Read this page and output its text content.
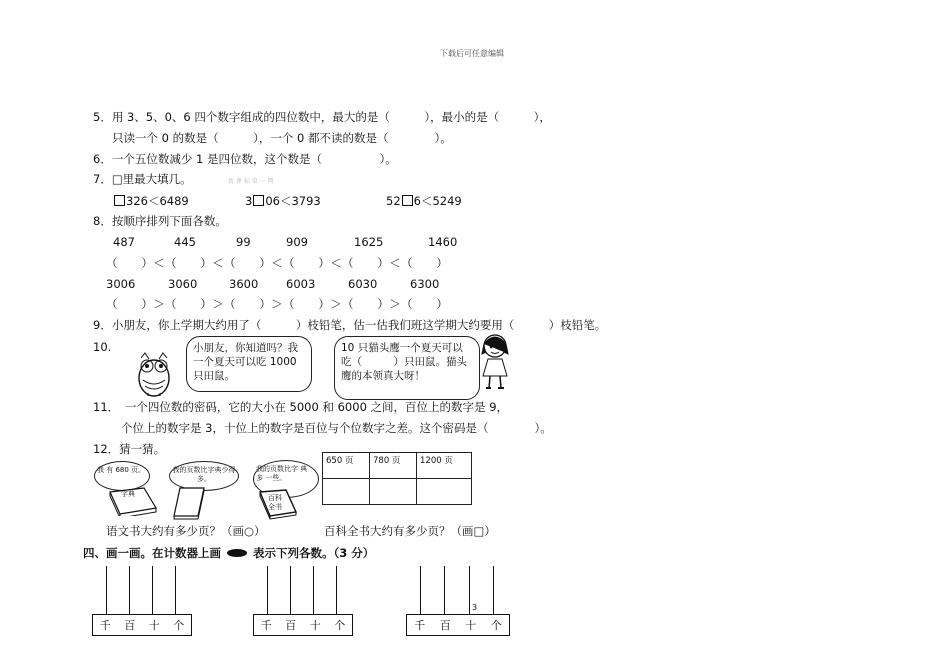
下载后可任意编辑
5．用 3、5、0、6 四个数字组成的四位数中，最大的是（　　　），最小的是（　　　），
只读一个 0 的数是（　　　），一个 0 都不读的数是（　　　　）。
6．一个五位数减少 1 是四位数，这个数是（　　　　　）。
7．□里最大填几。	新 课 标 第 一 网
326＜6489	3 06＜3793	52 6＜5249
8．按顺序排列下面各数。
487	445	99	909	1625	1460
（　　）＜（　　）＜（　　）＜（　　）＜（　　）＜（　　）
3006	3060	3600 6003	6030	6300
（　　）＞（　　）＞（　　）＞（　　）＞（　　）＞（　　）
9．小朋友，你上学期大约用了（　　　）枝铅笔，估一估我们班这学期大约要用（　　　）枝铅笔。
10.	小朋友，你知道吗？我一个夏天可以吃 1000 只田鼠。
10 只猫头鹰一个夏天可以吃（　　　）只田鼠。猫头鹰的本领真大呀！
11．　一个四位数的密码，它的大小在 5000 和 6000 之间，百位上的数字是 9，
个位上的数字是 3，十位上的数字是百位与个位数字之差。这个密码是（　　　　）。
12．猜一猜。
我 有 680 页。	我的页数比字典少得多。
我的页数比字 典 多 一些。
字典	百科全书
650 页	780 页	1200 页

语文书大约有多少页？（画○）	百科全书大约有多少页？（画□）
四、画一画。在计数器上画	表示下列各数。（3 分）
千 百 十 个	千 百 十 个	千 百 十 个
3
